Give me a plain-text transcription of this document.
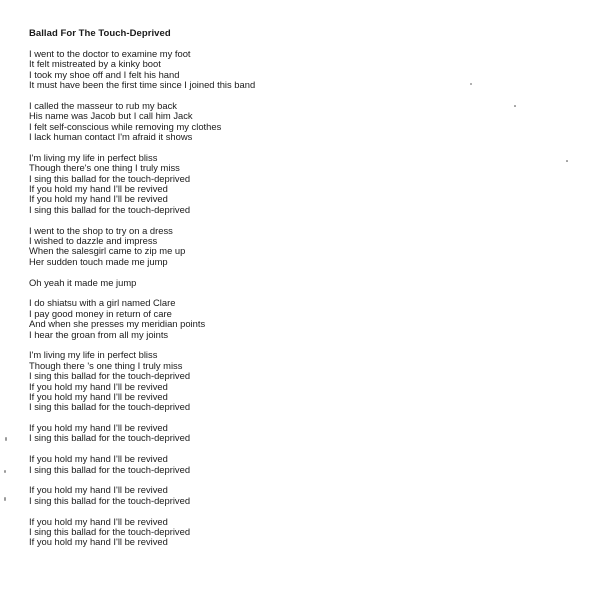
Ballad For The Touch-Deprived
I went to the doctor to examine my foot
It felt mistreated by a kinky boot
I took my shoe off and I felt his hand
It must have been the first time since I joined this band
I called the masseur to rub my back
His name was Jacob but I call him Jack
I felt self-conscious while removing my clothes
I lack human contact I'm afraid it shows
I'm living my life in perfect bliss
Though there's one thing I truly miss
I sing this ballad for the touch-deprived
If you hold my hand I'll be revived
If you hold my hand I'll be revived
I sing this ballad for the touch-deprived
I went to the shop to try on a dress
I wished to dazzle and impress
When the salesgirl came to zip me up
Her sudden touch made me jump
Oh yeah it made me jump
I do shiatsu with a girl named Clare
I pay good money in return of care
And when she presses my meridian points
I hear the groan from all my joints
I'm living my life in perfect bliss
Though there 's one thing I truly miss
I sing this ballad for the touch-deprived
If you hold my hand I'll be revived
If you hold my hand I'll be revived
I sing this ballad for the touch-deprived
If you hold my hand I'll be revived
I sing this ballad for the touch-deprived
If you hold my hand I'll be revived
I sing this ballad for the touch-deprived
If you hold my hand I'll be revived
I sing this ballad for the touch-deprived
If you hold my hand I'll be revived
I sing this ballad for the touch-deprived
If you hold my hand I'll be revived
